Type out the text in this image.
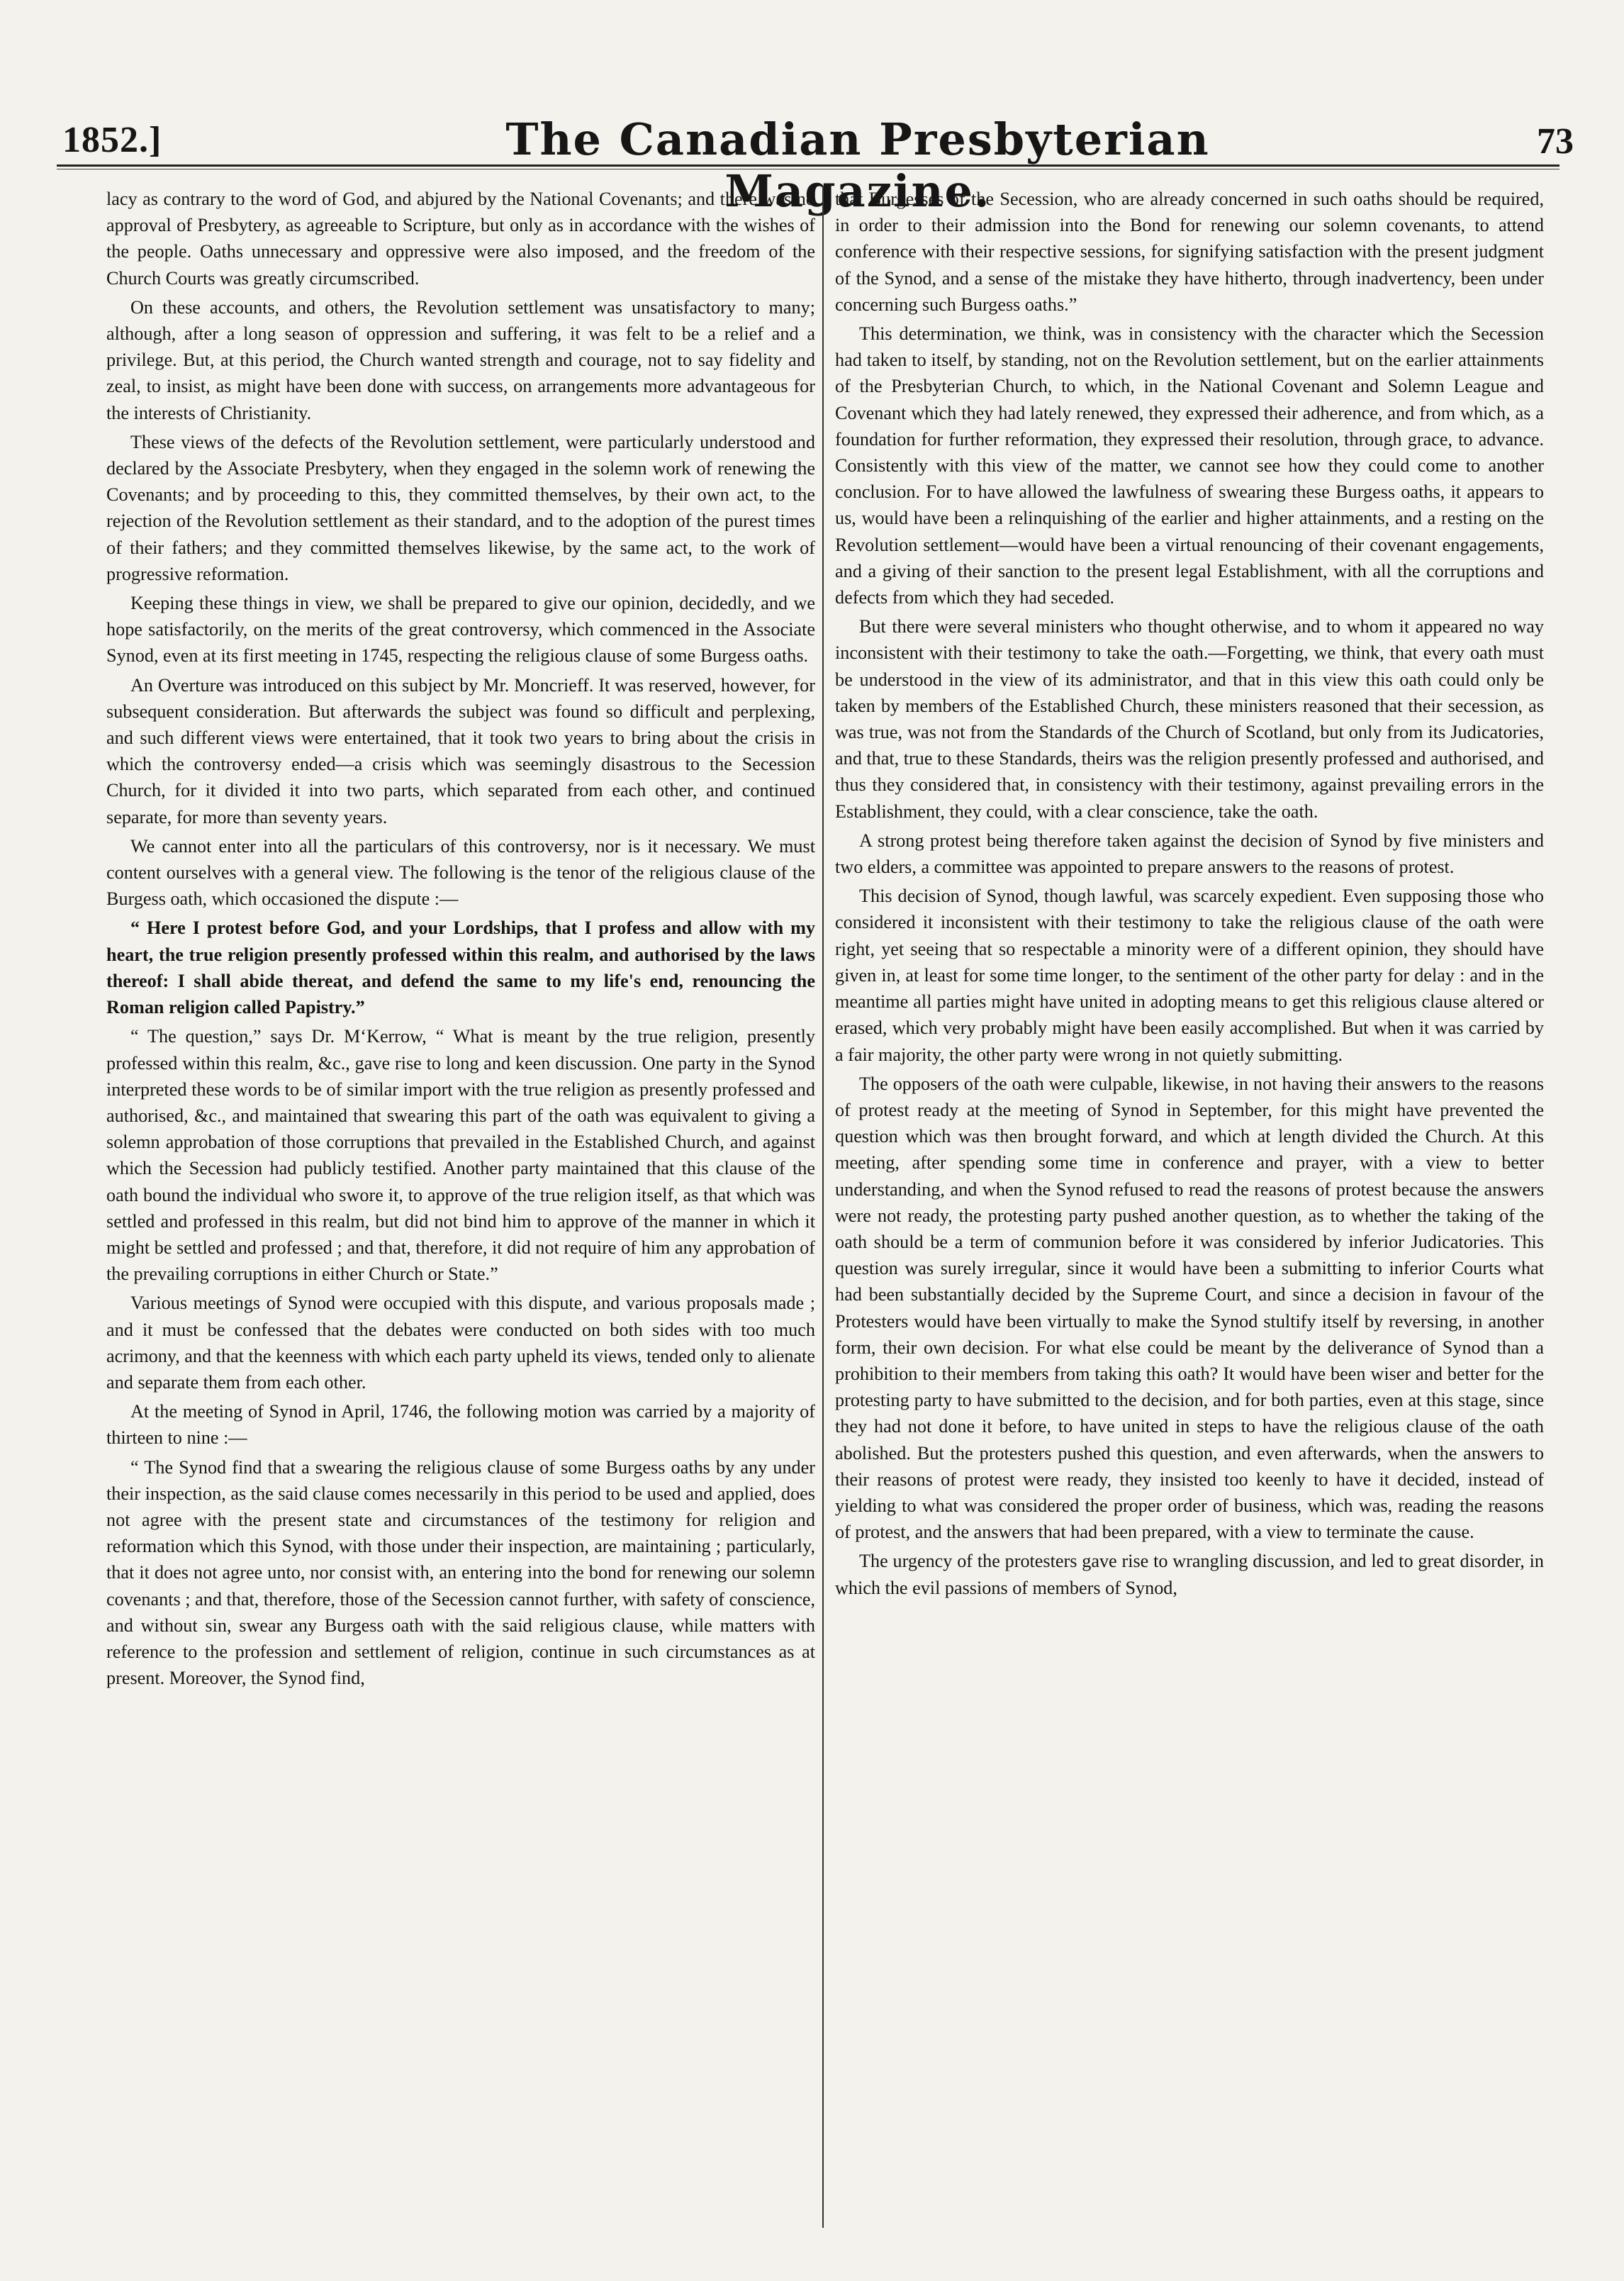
1852.]	The Canadian Presbyterian Magazine.
73

lacy as contrary to the word of God, and abjured by the National Covenants; and there was no approval of Presbytery, as agreeable to Scripture, but only as in accordance with the wishes of the people. Oaths unnecessary and oppressive were also imposed, and the freedom of the Church Courts was greatly circumscribed.

On these accounts, and others, the Revolution settlement was unsatisfactory to many; although, after a long season of oppression and suffering, it was felt to be a relief and a privilege. But, at this period, the Church wanted strength and courage, not to say fidelity and zeal, to insist, as might have been done with success, on arrangements more advantageous for the interests of Christianity.

These views of the defects of the Revolution settlement, were particularly understood and declared by the Associate Presbytery, when they engaged in the solemn work of renewing the Covenants; and by proceeding to this, they committed themselves, by their own act, to the rejection of the Revolution settlement as their standard, and to the adoption of the purest times of their fathers; and they committed themselves likewise, by the same act, to the work of progressive reformation.

Keeping these things in view, we shall be prepared to give our opinion, decidedly, and we hope satisfactorily, on the merits of the great controversy, which commenced in the Associate Synod, even at its first meeting in 1745, respecting the religious clause of some Burgess oaths.

An Overture was introduced on this subject by Mr. Moncrieff. It was reserved, however, for subsequent consideration. But afterwards the subject was found so difficult and perplexing, and such different views were entertained, that it took two years to bring about the crisis in which the controversy ended—a crisis which was seemingly disastrous to the Secession Church, for it divided it into two parts, which separated from each other, and continued separate, for more than seventy years.

We cannot enter into all the particulars of this controversy, nor is it necessary. We must content ourselves with a general view. The following is the tenor of the religious clause of the Burgess oath, which occasioned the dispute :—

“ Here I protest before God, and your Lordships, that I profess and allow with my heart, the true religion presently professed within this realm, and authorised by the laws thereof: I shall abide thereat, and defend the same to my life's end, renouncing the Roman religion called Papistry.”

“ The question,” says Dr. M‘Kerrow, “ What is meant by the true religion, presently professed within this realm, &c., gave rise to long and keen discussion. One party in the Synod interpreted these words to be of similar import with the true religion as presently professed and authorised, &c., and maintained that swearing this part of the oath was equivalent to giving a solemn approbation of those corruptions that prevailed in the Established Church, and against which the Secession had publicly testified. Another party maintained that this clause of the oath bound the individual who swore it, to approve of the true religion itself, as that which was settled and professed in this realm, but did not bind him to approve of the manner in which it might be settled and professed ; and that, therefore, it did not require of him any approbation of the prevailing corruptions in either Church or State.”

Various meetings of Synod were occupied with this dispute, and various proposals made ; and it must be confessed that the debates were conducted on both sides with too much acrimony, and that the keenness with which each party upheld its views, tended only to alienate and separate them from each other.

At the meeting of Synod in April, 1746, the following motion was carried by a majority of thirteen to nine :—

“ The Synod find that a swearing the religious clause of some Burgess oaths by any under their inspection, as the said clause comes necessarily in this period to be used and applied, does not agree with the present state and circumstances of the testimony for religion and reformation which this Synod, with those under their inspection, are maintaining ; particularly, that it does not agree unto, nor consist with, an entering into the bond for renewing our solemn covenants ; and that, therefore, those of the Secession cannot further, with safety of conscience, and without sin, swear any Burgess oath with the said religious clause, while matters with reference to the profession and settlement of religion, continue in such circumstances as at present. Moreover, the Synod find,

that Burgesses of the Secession, who are already concerned in such oaths should be required, in order to their admission into the Bond for renewing our solemn covenants, to attend conference with their respective sessions, for signifying satisfaction with the present judgment of the Synod, and a sense of the mistake they have hitherto, through inadvertency, been under concerning such Burgess oaths.”

This determination, we think, was in consistency with the character which the Secession had taken to itself, by standing, not on the Revolution settlement, but on the earlier attainments of the Presbyterian Church, to which, in the National Covenant and Solemn League and Covenant which they had lately renewed, they expressed their adherence, and from which, as a foundation for further reformation, they expressed their resolution, through grace, to advance. Consistently with this view of the matter, we cannot see how they could come to another conclusion. For to have allowed the lawfulness of swearing these Burgess oaths, it appears to us, would have been a relinquishing of the earlier and higher attainments, and a resting on the Revolution settlement—would have been a virtual renouncing of their covenant engagements, and a giving of their sanction to the present legal Establishment, with all the corruptions and defects from which they had seceded.

But there were several ministers who thought otherwise, and to whom it appeared no way inconsistent with their testimony to take the oath.—Forgetting, we think, that every oath must be understood in the view of its administrator, and that in this view this oath could only be taken by members of the Established Church, these ministers reasoned that their secession, as was true, was not from the Standards of the Church of Scotland, but only from its Judicatories, and that, true to these Standards, theirs was the religion presently professed and authorised, and thus they considered that, in consistency with their testimony, against prevailing errors in the Establishment, they could, with a clear conscience, take the oath.

A strong protest being therefore taken against the decision of Synod by five ministers and two elders, a committee was appointed to prepare answers to the reasons of protest.

This decision of Synod, though lawful, was scarcely expedient. Even supposing those who considered it inconsistent with their testimony to take the religious clause of the oath were right, yet seeing that so respectable a minority were of a different opinion, they should have given in, at least for some time longer, to the sentiment of the other party for delay : and in the meantime all parties might have united in adopting means to get this religious clause altered or erased, which very probably might have been easily accomplished. But when it was carried by a fair majority, the other party were wrong in not quietly submitting.

The opposers of the oath were culpable, likewise, in not having their answers to the reasons of protest ready at the meeting of Synod in September, for this might have prevented the question which was then brought forward, and which at length divided the Church. At this meeting, after spending some time in conference and prayer, with a view to better understanding, and when the Synod refused to read the reasons of protest because the answers were not ready, the protesting party pushed another question, as to whether the taking of the oath should be a term of communion before it was considered by inferior Judicatories. This question was surely irregular, since it would have been a submitting to inferior Courts what had been substantially decided by the Supreme Court, and since a decision in favour of the Protesters would have been virtually to make the Synod stultify itself by reversing, in another form, their own decision. For what else could be meant by the deliverance of Synod than a prohibition to their members from taking this oath? It would have been wiser and better for the protesting party to have submitted to the decision, and for both parties, even at this stage, since they had not done it before, to have united in steps to have the religious clause of the oath abolished. But the protesters pushed this question, and even afterwards, when the answers to their reasons of protest were ready, they insisted too keenly to have it decided, instead of yielding to what was considered the proper order of business, which was, reading the reasons of protest, and the answers that had been prepared, with a view to terminate the cause.

The urgency of the protesters gave rise to wrangling discussion, and led to great disorder, in which the evil passions of members of Synod,
